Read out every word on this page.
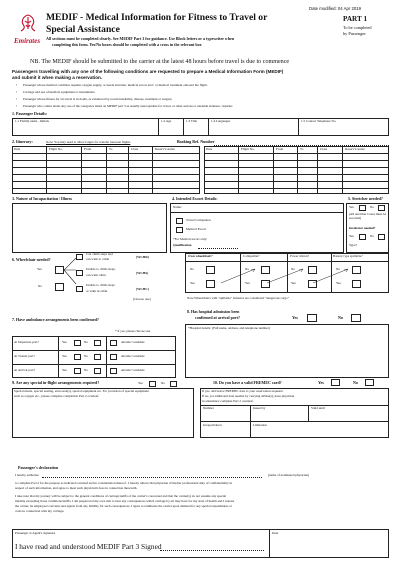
Date modified: 04 Apr 2019
Emirates
MEDIF - Medical Information for Fitness to Travel or
Special Assistance
All sections must be completed clearly. See MEDIF Part 3 for guidance. Use Block letters or a typewriter when
completing this form. Yes/No boxes should be completed with a cross in the relevant box
PART 1
To be completed
by Passenger.
NB. The MEDIF should be submitted to the carrier at the latest 48 hours before travel is due to commence
Passengers travelling with any one of the following conditions are requested to prepare a Medical Information Form (MEDIF)
and submit it when making a reservation.
• Passenger whose medical condition requires oxygen supply, or needs stretcher, medical escort and / or medical treatment onboard the flight.
• Carriage and use of medical equipment or instruments.
• Passenger whose fitness for air travel is in doubt, as evidenced by recent instability, disease, treatment or surgery.
• Passenger who comes under any one of the categories listed on MEDIF part 3 as usually unacceptable for travel, or other serious or unstable sickness / injuries
1. Passenger Details:
1.1 Family name , Initials	1.2 Age	1.3 Title	1.4 Languages	1.5 Contact Telephone No.
2. Itinerary:	Note: You may need to allow longer for transfer between flights	Booking Ref. Number
Date	Flight No.	From	To	Class	Reserv'n status	Date	Flight No.	From	To	Class	Reserv'n status
3. Nature of Incapacitation / Illness	4. Intended Escort Details:
Name:
Travel Companion
Medical Escort
*For Medical escort only:
Qualification
5. Stretcher needed?
Yes	No
(All stretcher Cases must be escorted)
Incubator needed?
Yes	No
Type?
6. Wheelchair needed?
Yes
No
Can climb steps and
can walk to cabin	(WCHR)
Unable to climb steps,
can walk cabin	(WCHS)
Unable to climb steps
or walk in cabin	(WCHC)
(Choose one)
Own wheelchair?	Collapsible?	Power driven?	Battery type spillable?
No
Yes
No
Yes
No
Yes
No
Yes
Note Wheelchairs with "spillable" batteries are considered "dangerous cargo"
7. Have ambulance arrangements been confirmed?
* if yes, please choose one
At Departure port?	Yes	No	Airside/ Landside
At Transit port?	Yes	No	Airside/ Landside
At Arrival port?	Yes	No	Airside/ Landside
8. Has hospital admission been
confirmed at arrival port?	Yes	No
*Hospital details: (Full name, address, and telephone number)
9. Are any special in-flight arrangements required?	Yes	No
Special meals, special seating, extra seat(s), special equipment etc. For provision of special equipment
such as oxygen etc., please complete completion Part 2 overleaf.
10. Do you have a valid FREMEC card?	Yes	No
If yes, add below FREMEC data to your reservation requests:
If no, (or additional data needed by carrying airline(s), have physician
in attendance complete Part 2 overleaf.
Number	Issued by	Valid until
Incapacitation	Limitation
Passenger's declaration
I hereby authorise	(name of nominated physician)
to complete Part 2 for the purpose as indicated overleaf and in consideration thereof , I hereby relieve that physician of his/her professional duty of confidentiality in
respect of such information, and agree to meet such physician's fees in connection therewith.
I take note that my journey will be subject to the general conditions of carriage/tariffs of the carrier's concerned and that the carrier(s) do not assume any special
liability exceeding those conditions/tariffs. I am prepared at my own risk to bear any consequences which carriage by air may have for my state of health and I release
the carrier, its employee's servants and agents from any liability for such consequences. I agree to reimburse the carrier upon demand for any special expenditures or
costs in connection with my carriage.
Passenger or Agent's signature	Date
I have read and understood MEDIF Part 3 Signed
